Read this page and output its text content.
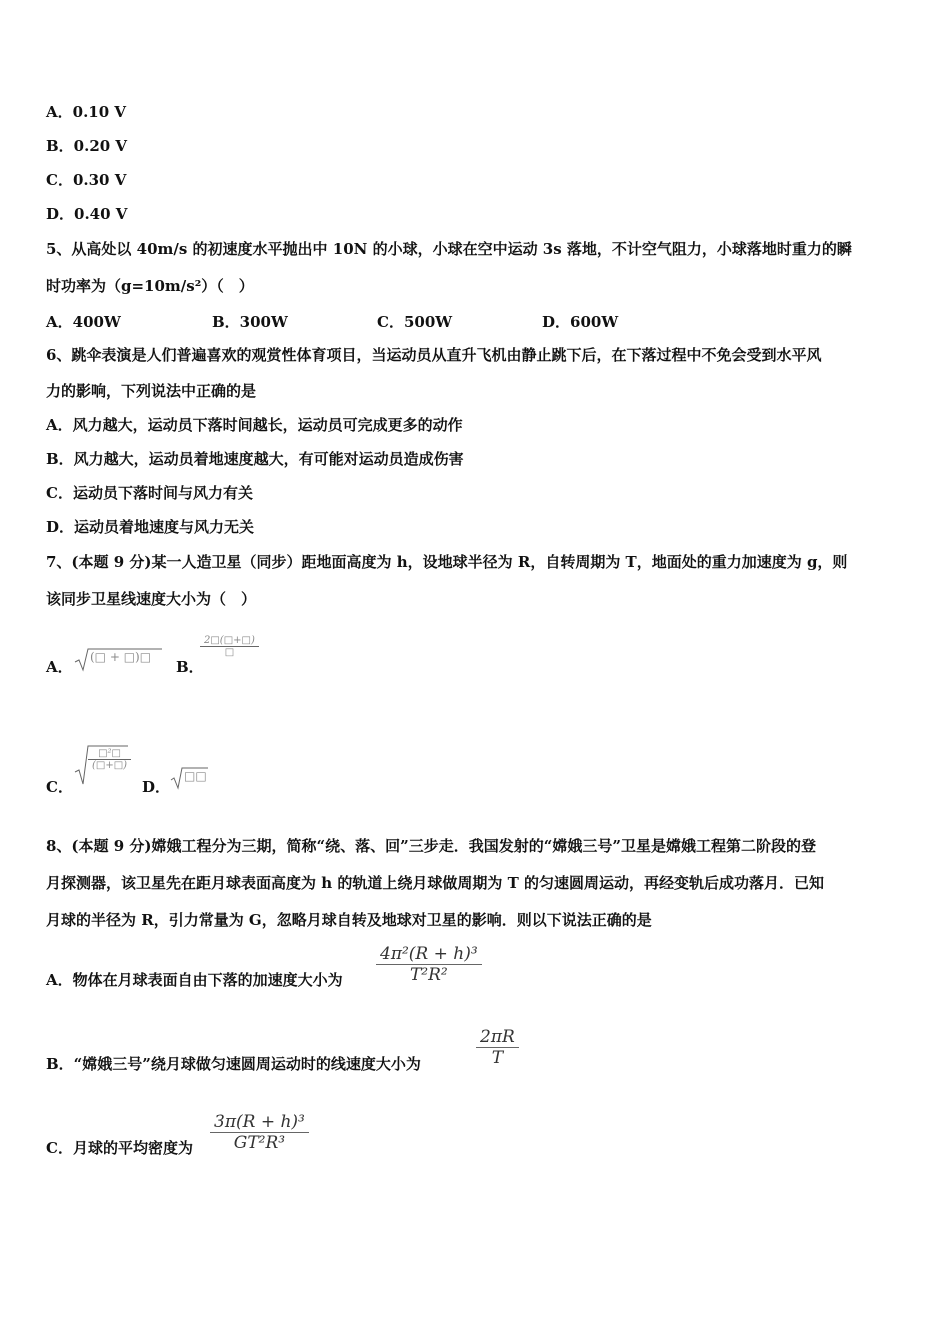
A．0.10 V
B．0.20 V
C．0.30 V
D．0.40 V
5、从高处以 40m/s 的初速度水平抛出中 10N 的小球，小球在空中运动 3s 落地，不计空气阻力，小球落地时重力的瞬
时功率为（g=10m/s²）（　）
A．400W	B．300W	C．500W	D．600W
6、跳伞表演是人们普遍喜欢的观赏性体育项目，当运动员从直升飞机由静止跳下后，在下落过程中不免会受到水平风
力的影响，下列说法中正确的是
A．风力越大，运动员下落时间越长，运动员可完成更多的动作
B．风力越大，运动员着地速度越大，有可能对运动员造成伤害
C．运动员下落时间与风力有关
D．运动员着地速度与风力无关
7、(本题 9 分)某一人造卫星（同步）距地面高度为 h，设地球半径为 R，自转周期为 T，地面处的重力加速度为 g，则
该同步卫星线速度大小为（　）
A．
(□ + □)□
B．
$\frac{2□(□+□)}{□}$
C．
□²□
(□+□)
D．
□□
8、(本题 9 分)嫦娥工程分为三期，简称“绕、落、回”三步走．我国发射的“嫦娥三号”卫星是嫦娥工程第二阶段的登
月探测器，该卫星先在距月球表面高度为 h 的轨道上绕月球做周期为 T 的匀速圆周运动，再经变轨后成功落月．已知
月球的半径为 R，引力常量为 G，忽略月球自转及地球对卫星的影响．则以下说法正确的是
A．物体在月球表面自由下落的加速度大小为 $\frac{\text{4π²(R + h)³}}{\text{T²R²}}$
B．“嫦娥三号”绕月球做匀速圆周运动时的线速度大小为	$\frac{2\pi R}{T}$
C．月球的平均密度为 $\frac{\text{3π(R + h)³}}{\text{GT²R³}}$
